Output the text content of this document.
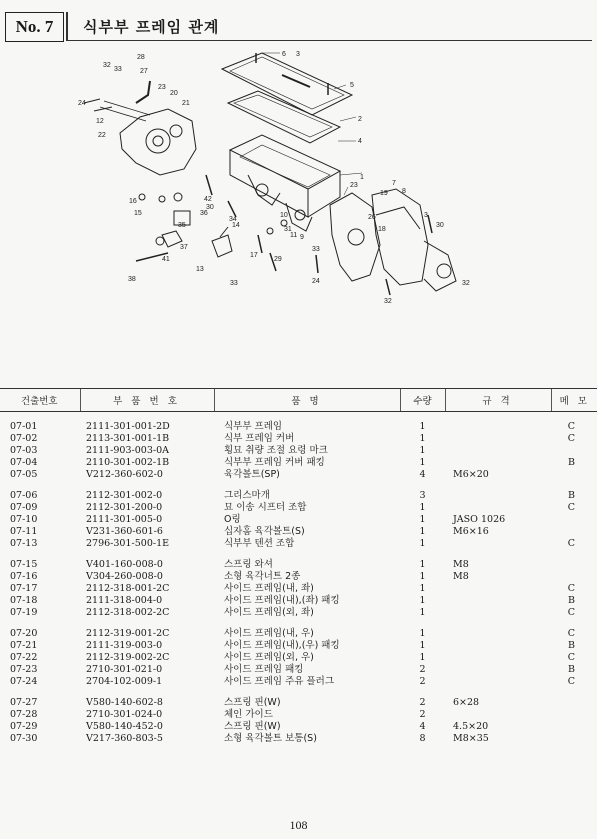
No. 7	식부부 프레임 관계
32
33
28
27
23
20
21
24
12
22
6 3
5
2
4
1
16
15
42
30
34
14
35
36
37
38
41
13
33
10
31
11 9
17
29
23
19
7
8
26
18
33
3
30
24	32
32
건출번호	부 품 번 호	품 명	수량	규 격	메 모

07-01	2111-301-001-2D	식부부 프레임	1		C
07-02	2113-301-001-1B	식부 프레임 커버	1		C
07-03	2111-903-003-0A	횡묘 취량 조절 요령 마크	1		
07-04	2110-301-002-1B	식부부 프레임 커버 패킹	1		B
07-05	V212-360-602-0	육각볼트(SP)	4	M6×20	

07-06	2112-301-002-0	그리스마개	3		B
07-09	2112-301-200-0	묘 이송 시프터 조합	1		C
07-10	2111-301-005-0	O링	1	JASO 1026	
07-11	V231-360-601-6	십자홈 육각볼트(S)	1	M6×16	
07-13	2796-301-500-1E	식부부 텐션 조합	1		C

07-15	V401-160-008-0	스프링 와셔	1	M8	
07-16	V304-260-008-0	소형 육각너트 2종	1	M8	
07-17	2112-318-001-2C	사이드 프레임(내, 좌)	1		C
07-18	2111-318-004-0	사이드 프레임(내),(좌) 패킹	1		B
07-19	2112-318-002-2C	사이드 프레임(외, 좌)	1		C

07-20	2112-319-001-2C	사이드 프레임(내, 우)	1		C
07-21	2111-319-003-0	사이드 프레임(내),(우) 패킹	1		B
07-22	2112-319-002-2C	사이드 프레임(외, 우)	1		C
07-23	2710-301-021-0	사이드 프레임 패킹	2		B
07-24	2704-102-009-1	사이드 프레임 주유 플러그	2		C

07-27	V580-140-602-8	스프링 핀(W)	2	6×28	
07-28	2710-301-024-0	체인 가이드	2		
07-29	V580-140-452-0	스프링 핀(W)	4	4.5×20	
07-30	V217-360-803-5	소형 육각볼트 보통(S)	8	M8×35	
108
